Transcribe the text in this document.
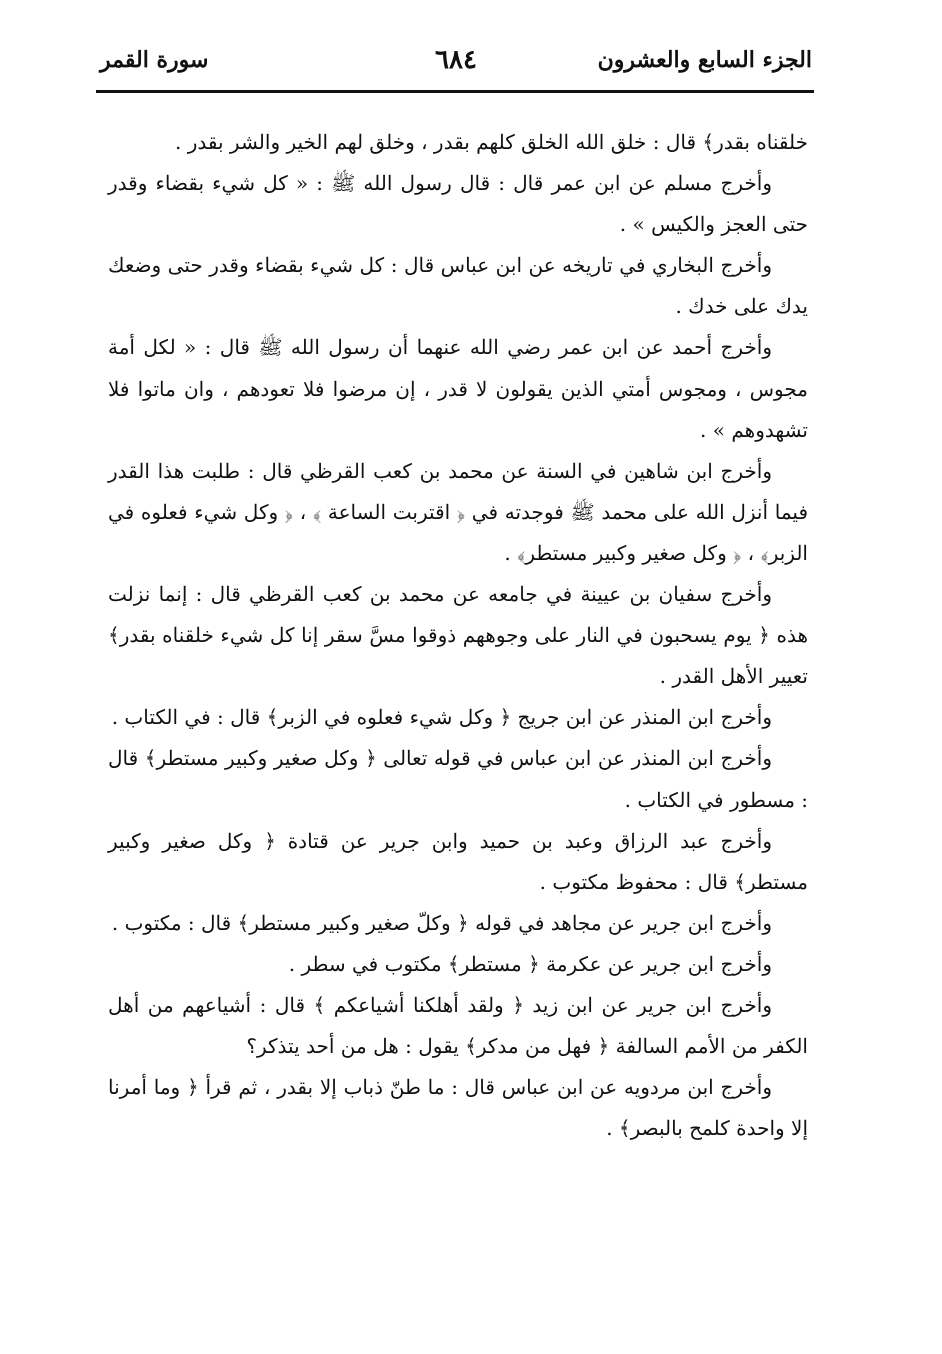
الجزء السابع والعشرون
٦٨٤
سورة القمر

خلقناه بقدر﴾ قال : خلق الله الخلق كلهم بقدر ، وخلق لهم الخير والشر بقدر .

وأخرج مسلم عن ابن عمر قال : قال رسول الله ﷺ : « كل شيء بقضاء وقدر حتى العجز والكيس » .

وأخرج البخاري في تاريخه عن ابن عباس قال : كل شيء بقضاء وقدر حتى وضعك يدك على خدك .

وأخرج أحمد عن ابن عمر رضي الله عنهما أن رسول الله ﷺ قال : « لكل أمة مجوس ، ومجوس أمتي الذين يقولون لا قدر ، إن مرضوا فلا تعودهم ، وان ماتوا فلا تشهدوهم » .

وأخرج ابن شاهين في السنة عن محمد بن كعب القرظي قال : طلبت هذا القدر فيما أنزل الله على محمد ﷺ فوجدته في ﴿ اقتربت الساعة ﴾ ، ﴿ وكل شيء فعلوه في الزبر﴾ ، ﴿ وكل صغير وكبير مستطر﴾ .

وأخرج سفيان بن عيينة في جامعه عن محمد بن كعب القرظي قال : إنما نزلت هذه ﴿ يوم يسحبون في النار على وجوههم ذوقوا مسَّ سقر إنا كل شيء خلقناه بقدر﴾ تعيير الأهل القدر .

وأخرج ابن المنذر عن ابن جريج ﴿ وكل شيء فعلوه في الزبر﴾ قال : في الكتاب .

وأخرج ابن المنذر عن ابن عباس في قوله تعالى ﴿ وكل صغير وكبير مستطر﴾ قال : مسطور في الكتاب .

وأخرج عبد الرزاق وعبد بن حميد وابن جرير عن قتادة ﴿ وكل صغير وكبير مستطر﴾ قال : محفوظ مكتوب .

وأخرج ابن جرير عن مجاهد في قوله ﴿ وكلّ صغير وكبير مستطر﴾ قال : مكتوب .

وأخرج ابن جرير عن عكرمة ﴿ مستطر﴾ مكتوب في سطر .

وأخرج ابن جرير عن ابن زيد ﴿ ولقد أهلكنا أشياعكم ﴾ قال : أشياعهم من أهل الكفر من الأمم السالفة ﴿ فهل من مدكر﴾ يقول : هل من أحد يتذكر؟

وأخرج ابن مردويه عن ابن عباس قال : ما طنّ ذباب إلا بقدر ، ثم قرأ ﴿ وما أمرنا إلا واحدة كلمح بالبصر﴾ .
